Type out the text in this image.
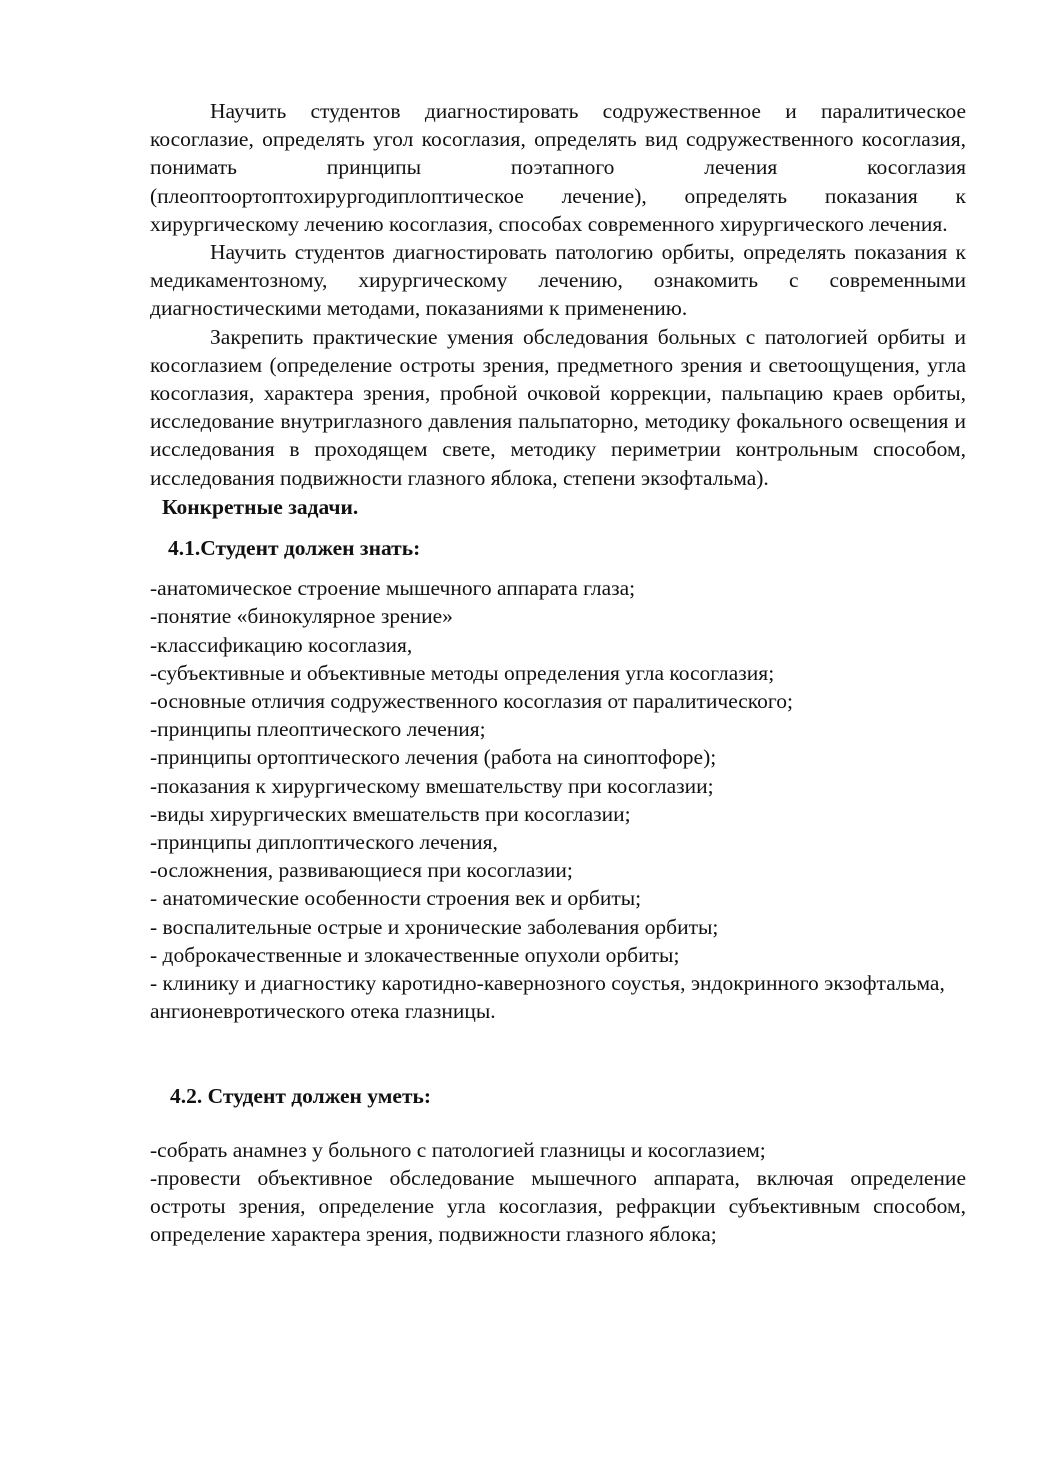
Научить студентов диагностировать содружественное и паралитическое косоглазие, определять угол косоглазия, определять вид содружественного косоглазия, понимать принципы поэтапного лечения косоглазия (плеоптоортоптохирургодиплоптическое лечение), определять показания к хирургическому лечению косоглазия, способах современного хирургического лечения.

Научить студентов диагностировать патологию орбиты, определять показания к медикаментозному, хирургическому лечению, ознакомить с современными диагностическими методами, показаниями к применению.

Закрепить практические умения обследования больных с патологией орбиты и косоглазием (определение остроты зрения, предметного зрения и светоощущения, угла косоглазия, характера зрения, пробной очковой коррекции, пальпацию краев орбиты, исследование внутриглазного давления пальпаторно, методику фокального освещения и исследования в проходящем свете, методику периметрии контрольным способом, исследования подвижности глазного яблока, степени экзофтальма).

Конкретные задачи.

4.1.Студент должен знать:

-анатомическое строение мышечного аппарата глаза;
-понятие «бинокулярное зрение»
-классификацию косоглазия,
-субъективные и объективные методы определения угла косоглазия;
-основные отличия содружественного косоглазия от паралитического;
-принципы плеоптического лечения;
-принципы ортоптического лечения (работа на синоптофоре);
-показания к хирургическому вмешательству при косоглазии;
-виды хирургических вмешательств при косоглазии;
-принципы диплоптического лечения,
-осложнения, развивающиеся при косоглазии;
- анатомические особенности строения век и орбиты;
- воспалительные острые и хронические заболевания орбиты;
- доброкачественные и злокачественные опухоли орбиты;
- клинику и диагностику каротидно-кавернозного соустья, эндокринного экзофтальма, ангионевротического отека глазницы.

4.2. Студент должен уметь:

-собрать анамнез у больного с патологией глазницы и косоглазием;
-провести объективное обследование мышечного аппарата, включая определение остроты зрения, определение угла косоглазия, рефракции субъективным способом, определение характера зрения, подвижности глазного яблока;
